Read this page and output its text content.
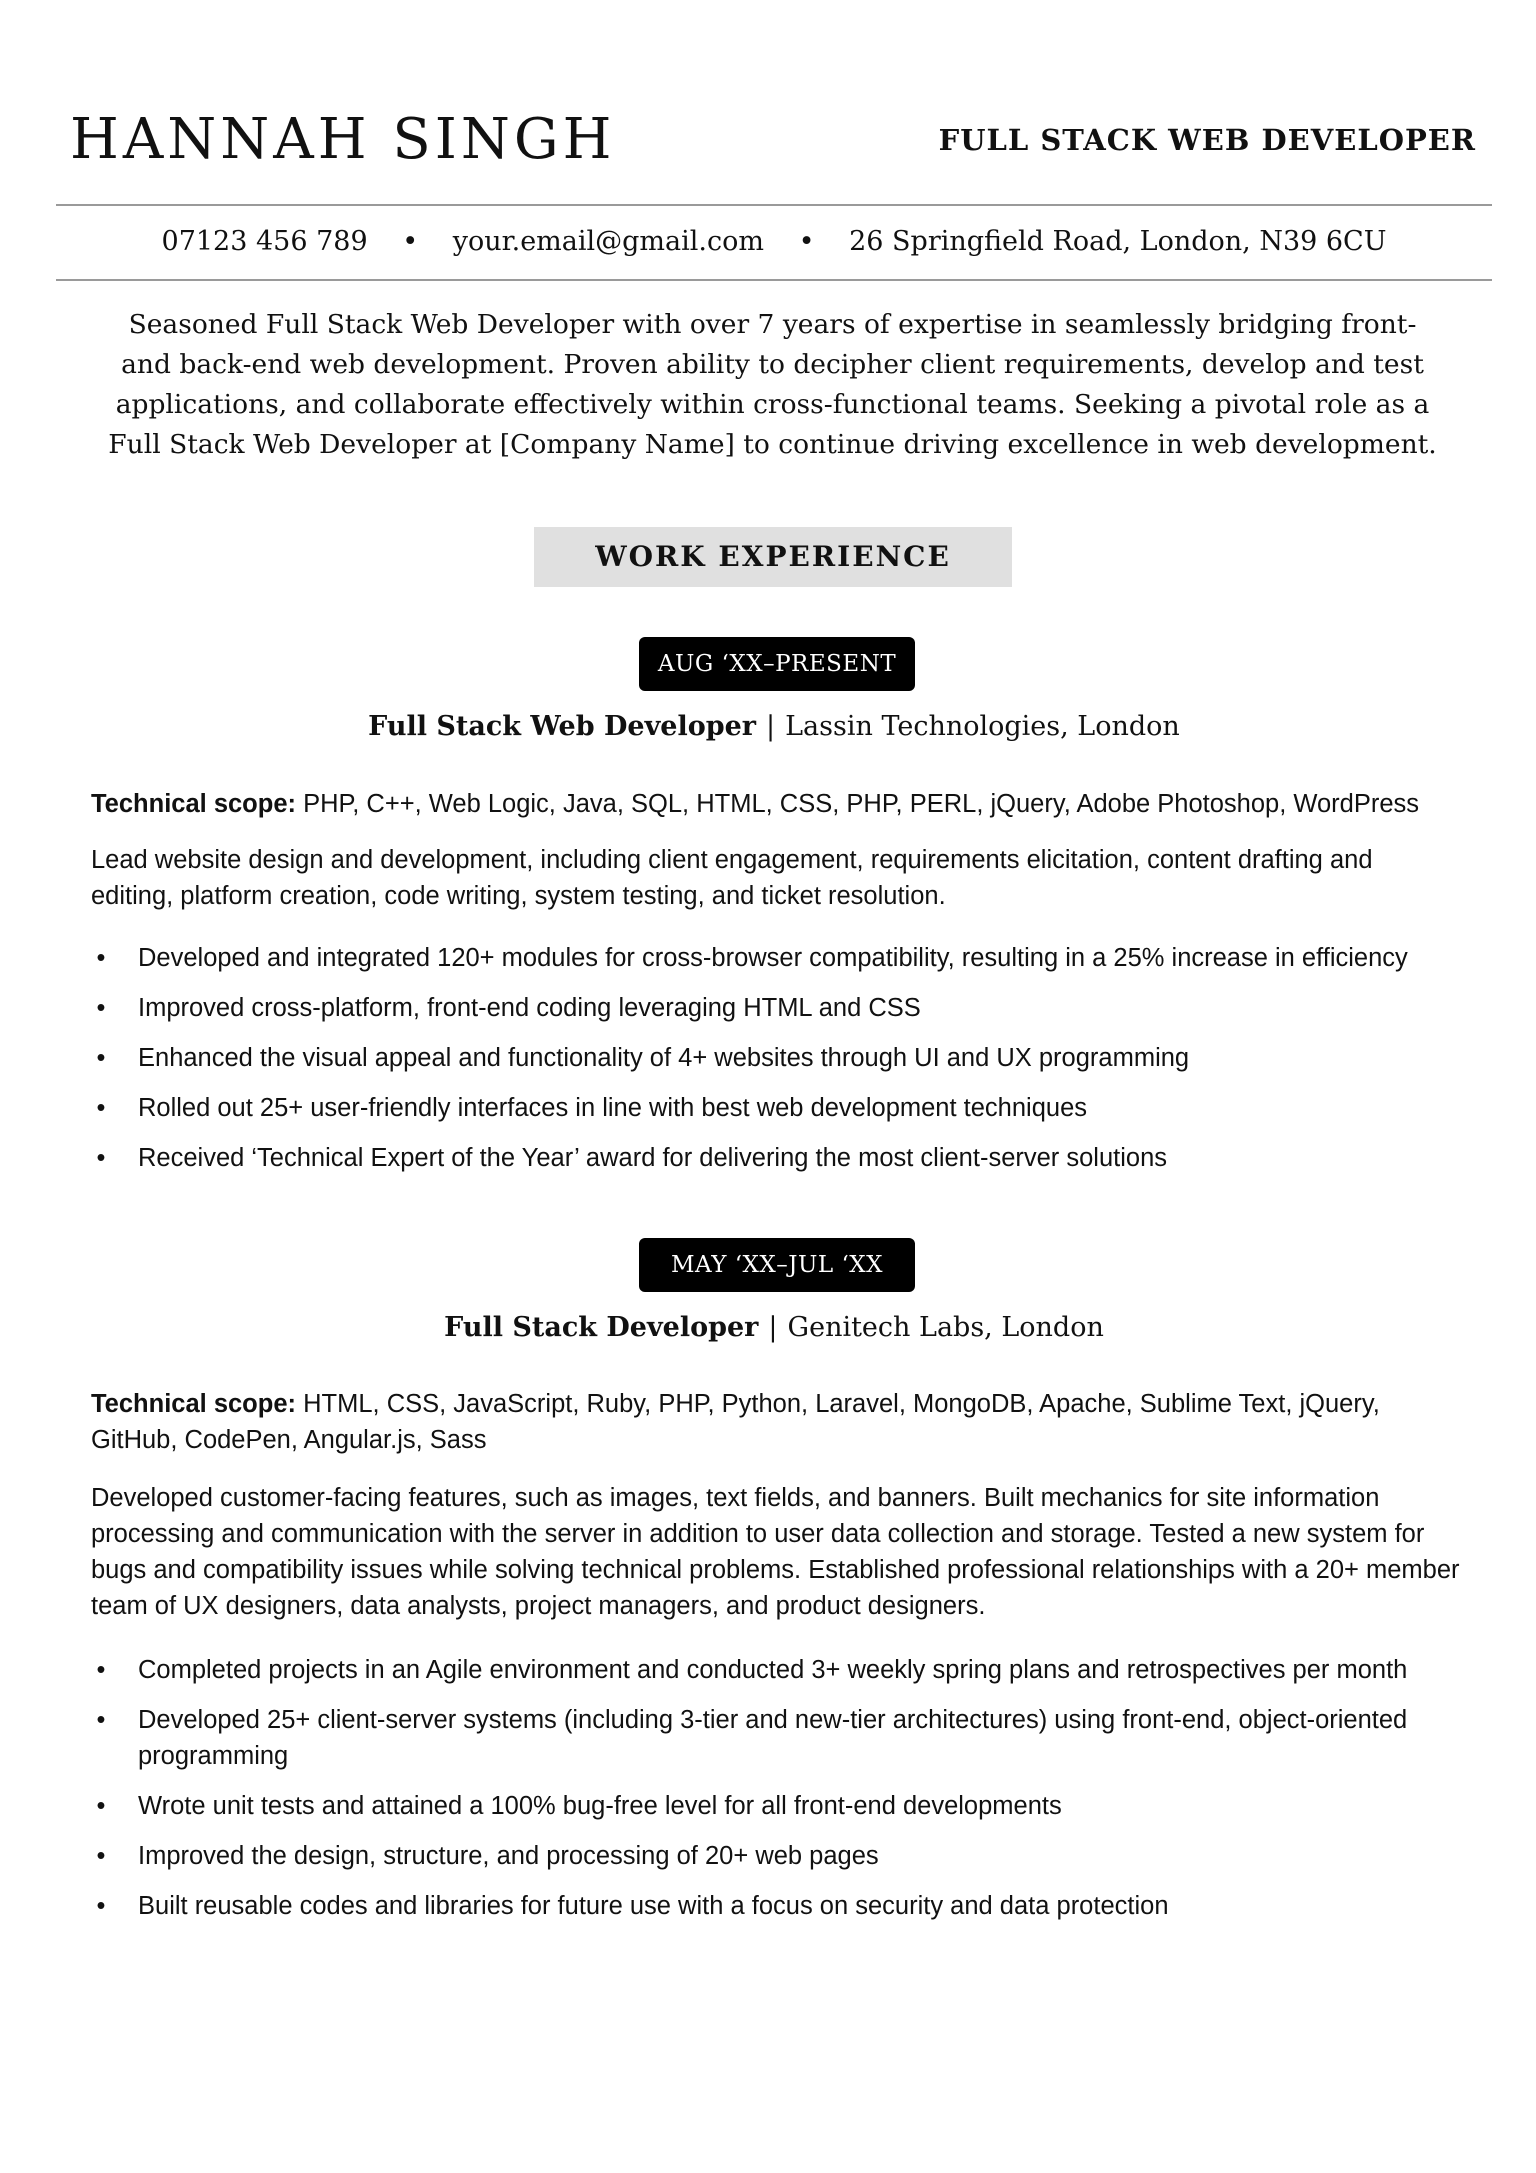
HANNAH SINGH	FULL STACK WEB DEVELOPER
07123 456 789 • your.email@gmail.com • 26 Springfield Road, London, N39 6CU
Seasoned Full Stack Web Developer with over 7 years of expertise in seamlessly bridging front- and back-end web development. Proven ability to decipher client requirements, develop and test applications, and collaborate effectively within cross-functional teams. Seeking a pivotal role as a Full Stack Web Developer at [Company Name] to continue driving excellence in web development.
WORK EXPERIENCE
AUG ‘XX–PRESENT
Full Stack Web Developer | Lassin Technologies, London
Technical scope: PHP, C++, Web Logic, Java, SQL, HTML, CSS, PHP, PERL, jQuery, Adobe Photoshop, WordPress
Lead website design and development, including client engagement, requirements elicitation, content drafting and editing, platform creation, code writing, system testing, and ticket resolution.
• Developed and integrated 120+ modules for cross-browser compatibility, resulting in a 25% increase in efficiency
• Improved cross-platform, front-end coding leveraging HTML and CSS
• Enhanced the visual appeal and functionality of 4+ websites through UI and UX programming
• Rolled out 25+ user-friendly interfaces in line with best web development techniques
• Received ‘Technical Expert of the Year’ award for delivering the most client-server solutions
MAY ‘XX–JUL ‘XX
Full Stack Developer | Genitech Labs, London
Technical scope: HTML, CSS, JavaScript, Ruby, PHP, Python, Laravel, MongoDB, Apache, Sublime Text, jQuery, GitHub, CodePen, Angular.js, Sass
Developed customer-facing features, such as images, text fields, and banners. Built mechanics for site information processing and communication with the server in addition to user data collection and storage. Tested a new system for bugs and compatibility issues while solving technical problems. Established professional relationships with a 20+ member team of UX designers, data analysts, project managers, and product designers.
• Completed projects in an Agile environment and conducted 3+ weekly spring plans and retrospectives per month
• Developed 25+ client-server systems (including 3-tier and new-tier architectures) using front-end, object-oriented programming
• Wrote unit tests and attained a 100% bug-free level for all front-end developments
• Improved the design, structure, and processing of 20+ web pages
• Built reusable codes and libraries for future use with a focus on security and data protection
